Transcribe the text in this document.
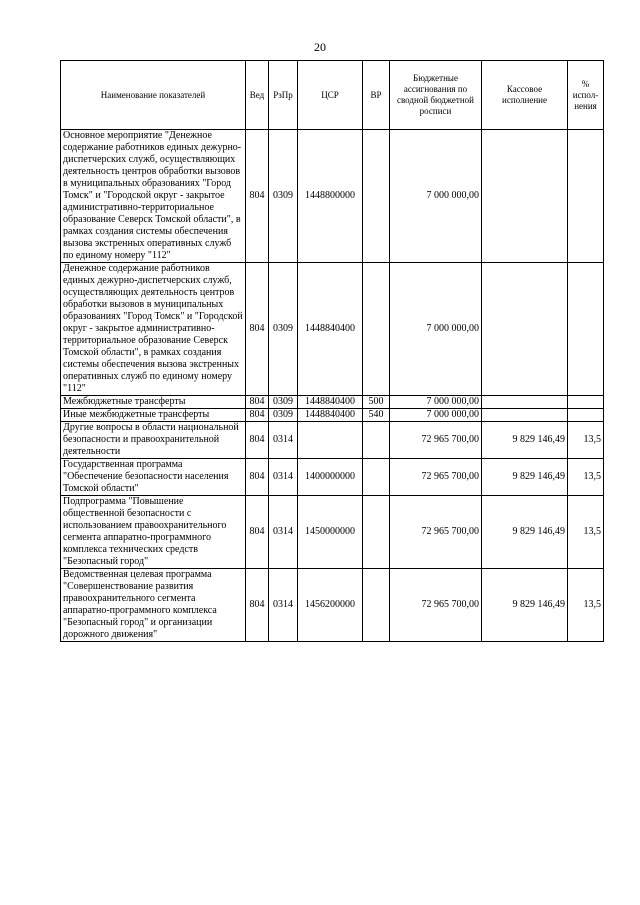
20
Наименование показателей	Вед	РзПр	ЦСР	ВР	Бюджетные ассигнования по сводной бюджетной росписи	Кассовое исполнение	% испол-нения
Основное мероприятие "Денежное содержание работников единых дежурно-диспетчерских служб, осуществляющих деятельность центров обработки вызовов в муниципальных образованиях "Город Томск" и "Городской округ - закрытое административно-территориальное образование Северск Томской области", в рамках создания системы обеспечения вызова экстренных оперативных служб по единому номеру "112"	804	0309	1448800000		7 000 000,00		
Денежное содержание работников единых дежурно-диспетчерских служб, осуществляющих деятельность центров обработки вызовов в муниципальных образованиях "Город Томск" и "Городской округ - закрытое административно-территориальное образование Северск Томской области", в рамках создания системы обеспечения вызова экстренных оперативных служб по единому номеру "112"	804	0309	1448840400		7 000 000,00		
Межбюджетные трансферты	804	0309	1448840400	500	7 000 000,00		
Иные межбюджетные трансферты	804	0309	1448840400	540	7 000 000,00		
Другие вопросы в области национальной безопасности и правоохранительной деятельности	804	0314			72 965 700,00	9 829 146,49	13,5
Государственная программа "Обеспечение безопасности населения Томской области"	804	0314	1400000000		72 965 700,00	9 829 146,49	13,5
Подпрограмма "Повышение общественной безопасности с использованием правоохранительного сегмента аппаратно-программного комплекса технических средств "Безопасный город"	804	0314	1450000000		72 965 700,00	9 829 146,49	13,5
Ведомственная целевая программа "Совершенствование развития правоохранительного сегмента аппаратно-программного комплекса "Безопасный город" и организации дорожного движения"	804	0314	1456200000		72 965 700,00	9 829 146,49	13,5
